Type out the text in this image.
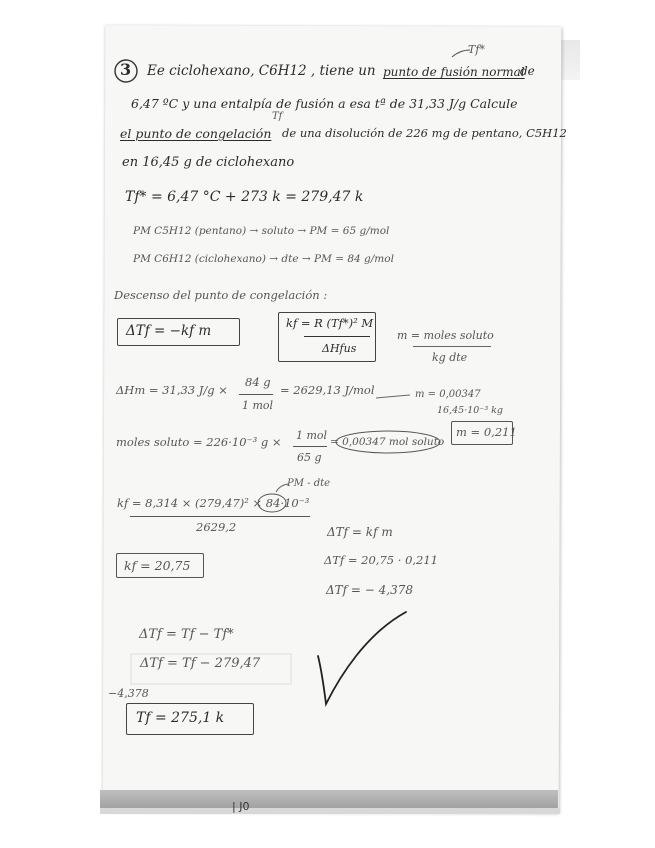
3 Ee ciclohexano, C6H12 , tiene un punto de fusión normal
de
Tf*
6,47 ºC y una entalpía de fusión a esa tª de 31,33 J/g Calcule
Tf
el punto de congelación de una disolución de 226 mg de pentano, C5H12
en 16,45 g de ciclohexano
Tf* = 6,47 °C + 273 k = 279,47 k
PM C5H12 (pentano) → soluto → PM = 65 g/mol
PM C6H12 (ciclohexano) → dte → PM = 84 g/mol
Descenso del punto de congelación :
ΔTf = −kf m	kf = R (Tf*)² M
ΔHfus
m = moles soluto
kg dte
ΔHm = 31,33 J/g ×
84 g
1 mol
= 2629,13 J/mol	m = 0,00347
16,45·10⁻³ kg
moles soluto = 226·10⁻³ g × 1 mol
65 g
= 0,00347 mol soluto
m = 0,211
PM - dte
kf = 8,314 × (279,47)² × 84·10⁻³
2629,2
kf = 20,75
ΔTf = kf m
ΔTf = 20,75 · 0,211
ΔTf = − 4,378
ΔTf = Tf − Tf*
ΔTf = Tf − 279,47
−4,378
Tf = 275,1 k
| J0
